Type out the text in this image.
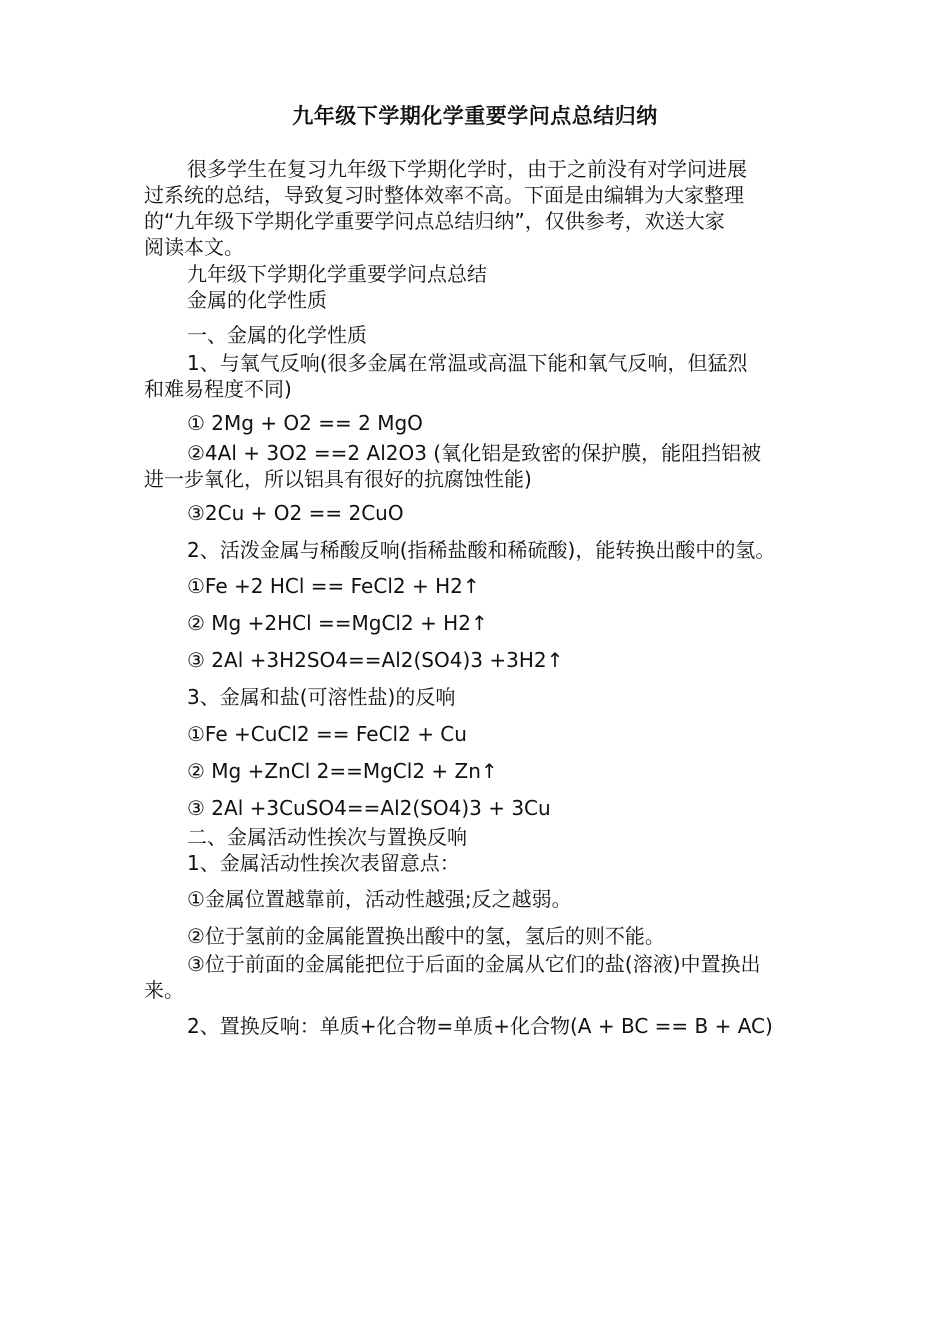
九年级下学期化学重要学问点总结归纳
很多学生在复习九年级下学期化学时，由于之前没有对学问进展
过系统的总结，导致复习时整体效率不高。下面是由编辑为大家整理
的“九年级下学期化学重要学问点总结归纳”，仅供参考，欢送大家
阅读本文。
九年级下学期化学重要学问点总结
金属的化学性质
一、金属的化学性质
1、与氧气反响(很多金属在常温或高温下能和氧气反响，但猛烈
和难易程度不同)
① 2Mg + O2 == 2 MgO
②4Al + 3O2 ==2 Al2O3 (氧化铝是致密的保护膜，能阻挡铝被
进一步氧化，所以铝具有很好的抗腐蚀性能)
③2Cu + O2 == 2CuO
2、活泼金属与稀酸反响(指稀盐酸和稀硫酸)，能转换出酸中的氢。
①Fe +2 HCl == FeCl2 + H2↑
② Mg +2HCl ==MgCl2 + H2↑
③ 2Al +3H2SO4==Al2(SO4)3 +3H2↑
3、金属和盐(可溶性盐)的反响
①Fe +CuCl2 == FeCl2 + Cu
② Mg +ZnCl 2==MgCl2 + Zn↑
③ 2Al +3CuSO4==Al2(SO4)3 + 3Cu
二、金属活动性挨次与置换反响
1、金属活动性挨次表留意点：
①金属位置越靠前，活动性越强;反之越弱。
②位于氢前的金属能置换出酸中的氢，氢后的则不能。
③位于前面的金属能把位于后面的金属从它们的盐(溶液)中置换出
来。
2、置换反响：单质+化合物=单质+化合物(A + BC == B + AC)
